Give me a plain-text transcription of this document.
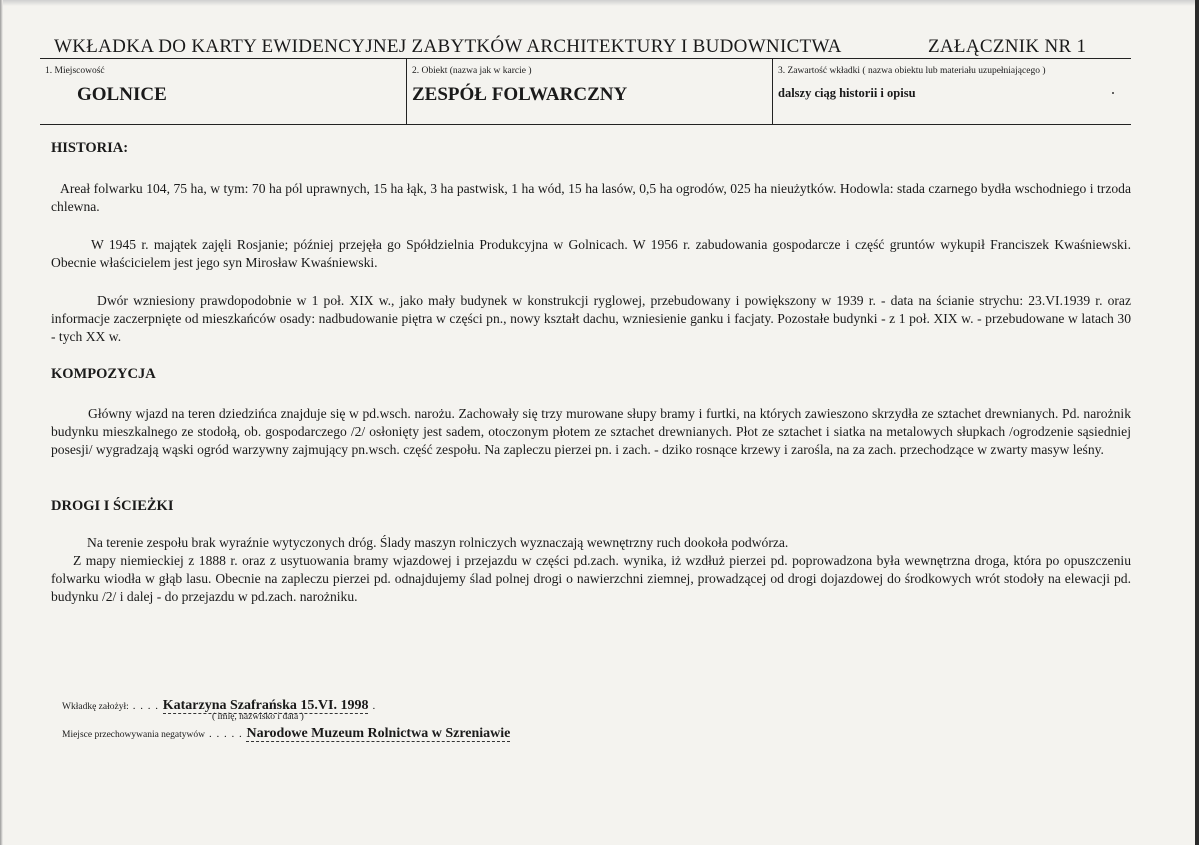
WKŁADKA DO KARTY EWIDENCYJNEJ ZABYTKÓW ARCHITEKTURY I BUDOWNICTWA	ZAŁĄCZNIK NR 1
1. Miejscowość
GOLNICE
2. Obiekt (nazwa jak w karcie )
ZESPÓŁ FOLWARCZNY
3. Zawartość wkładki ( nazwa obiektu lub materiału uzupełniającego )
dalszy ciąg historii i opisu
HISTORIA:

Areał folwarku 104, 75 ha, w tym: 70 ha pól uprawnych, 15 ha łąk, 3 ha pastwisk, 1 ha wód, 15 ha lasów, 0,5 ha ogrodów, 025 ha nieużytków. Hodowla: stada czarnego bydła wschodniego i trzoda chlewna.

W 1945 r. majątek zajęli Rosjanie; później przejęła go Spółdzielnia Produkcyjna w Golnicach. W 1956 r. zabudowania gospodarcze i część gruntów wykupił Franciszek Kwaśniewski. Obecnie właścicielem jest jego syn Mirosław Kwaśniewski.

Dwór wzniesiony prawdopodobnie w 1 poł. XIX w., jako mały budynek w konstrukcji ryglowej, przebudowany i powiększony w 1939 r. - data na ścianie strychu: 23.VI.1939 r. oraz informacje zaczerpnięte od mieszkańców osady: nadbudowanie piętra w części pn., nowy kształt dachu, wzniesienie ganku i facjaty. Pozostałe budynki - z 1 poł. XIX w. - przebudowane w latach 30 - tych XX w.

KOMPOZYCJA

Główny wjazd na teren dziedzińca znajduje się w pd.wsch. narożu. Zachowały się trzy murowane słupy bramy i furtki, na których zawieszono skrzydła ze sztachet drewnianych. Pd. narożnik budynku mieszkalnego ze stodołą, ob. gospodarczego /2/ osłonięty jest sadem, otoczonym płotem ze sztachet drewnianych. Płot ze sztachet i siatka na metalowych słupkach /ogrodzenie sąsiedniej posesji/ wygradzają wąski ogród warzywny zajmujący pn.wsch. część zespołu. Na zapleczu pierzei pn. i zach. - dziko rosnące krzewy i zarośla, na za zach. przechodzące w zwarty masyw leśny.

DROGI I ŚCIEŻKI

Na terenie zespołu brak wyraźnie wytyczonych dróg. Ślady maszyn rolniczych wyznaczają wewnętrzny ruch dookoła podwórza.

Z mapy niemieckiej z 1888 r. oraz z usytuowania bramy wjazdowej i przejazdu w części pd.zach. wynika, iż wzdłuż pierzei pd. poprowadzona była wewnętrzna droga, która po opuszczeniu folwarku wiodła w głąb lasu. Obecnie na zapleczu pierzei pd. odnajdujemy ślad polnej drogi o nawierzchni ziemnej, prowadzącej od drogi dojazdowej do środkowych wrót stodoły na elewacji pd. budynku /2/ i dalej - do przejazdu w pd.zach. narożniku.

Wkładkę założył: . . . . Katarzyna Szafrańska 15.VI. 1998 .
( imię, nazwisko i data )
Miejsce przechowywania negatywów . . . . . Narodowe Muzeum Rolnictwa w Szreniawie
